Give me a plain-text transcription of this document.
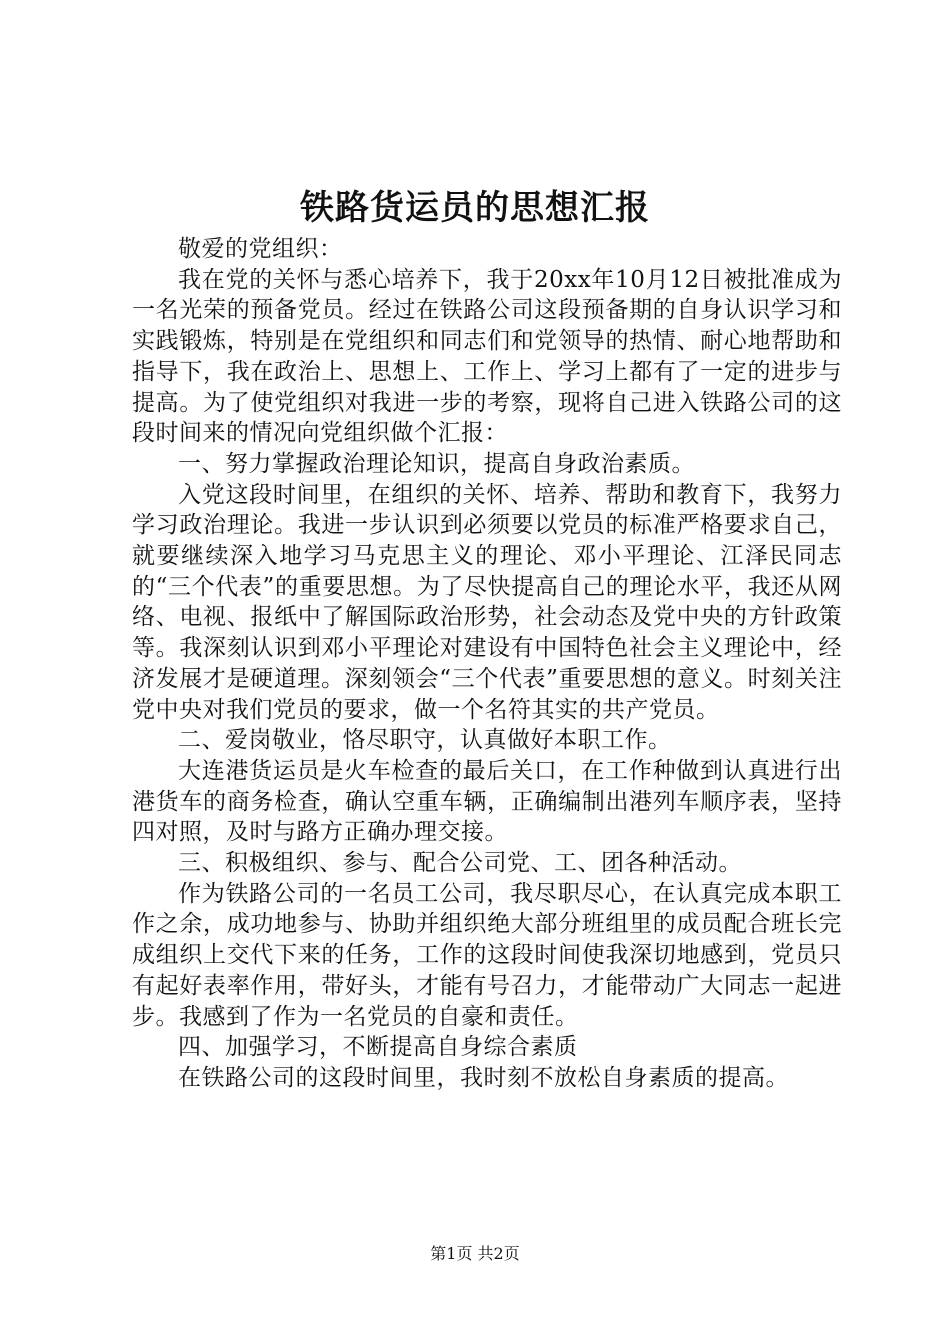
铁路货运员的思想汇报

敬爱的党组织：

我在党的关怀与悉心培养下，我于20xx年10月12日被批准成为一名光荣的预备党员。经过在铁路公司这段预备期的自身认识学习和实践锻炼，特别是在党组织和同志们和党领导的热情、耐心地帮助和指导下，我在政治上、思想上、工作上、学习上都有了一定的进步与提高。为了使党组织对我进一步的考察，现将自己进入铁路公司的这段时间来的情况向党组织做个汇报：

一、努力掌握政治理论知识，提高自身政治素质。

入党这段时间里，在组织的关怀、培养、帮助和教育下，我努力学习政治理论。我进一步认识到必须要以党员的标准严格要求自己，就要继续深入地学习马克思主义的理论、邓小平理论、江泽民同志的“三个代表”的重要思想。为了尽快提高自己的理论水平，我还从网络、电视、报纸中了解国际政治形势，社会动态及党中央的方针政策等。我深刻认识到邓小平理论对建设有中国特色社会主义理论中，经济发展才是硬道理。深刻领会“三个代表”重要思想的意义。时刻关注党中央对我们党员的要求，做一个名符其实的共产党员。

二、爱岗敬业，恪尽职守，认真做好本职工作。

大连港货运员是火车检查的最后关口，在工作种做到认真进行出港货车的商务检查，确认空重车辆，正确编制出港列车顺序表，坚持四对照，及时与路方正确办理交接。

三、积极组织、参与、配合公司党、工、团各种活动。

作为铁路公司的一名员工公司，我尽职尽心，在认真完成本职工作之余，成功地参与、协助并组织绝大部分班组里的成员配合班长完成组织上交代下来的任务，工作的这段时间使我深切地感到，党员只有起好表率作用，带好头，才能有号召力，才能带动广大同志一起进步。我感到了作为一名党员的自豪和责任。

四、加强学习，不断提高自身综合素质

在铁路公司的这段时间里，我时刻不放松自身素质的提高。

第1页 共2页
